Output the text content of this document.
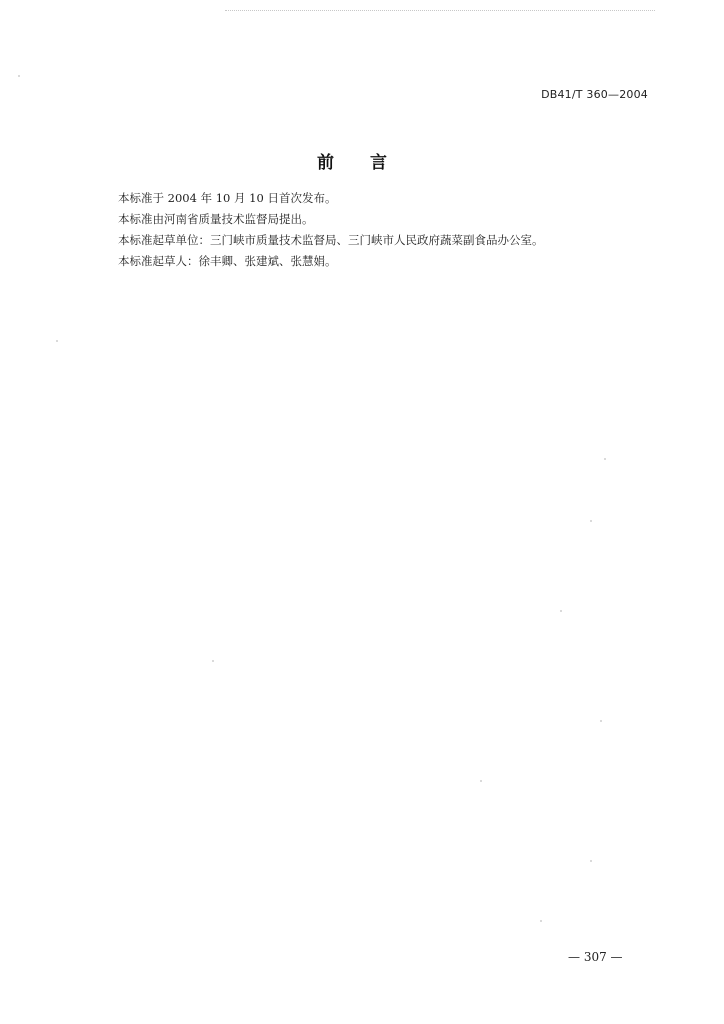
DB41/T 360—2004
前言
本标准于 2004 年 10 月 10 日首次发布。
本标准由河南省质量技术监督局提出。
本标准起草单位：三门峡市质量技术监督局、三门峡市人民政府蔬菜副食品办公室。
本标准起草人：徐丰卿、张建斌、张慧娟。
— 307 —
